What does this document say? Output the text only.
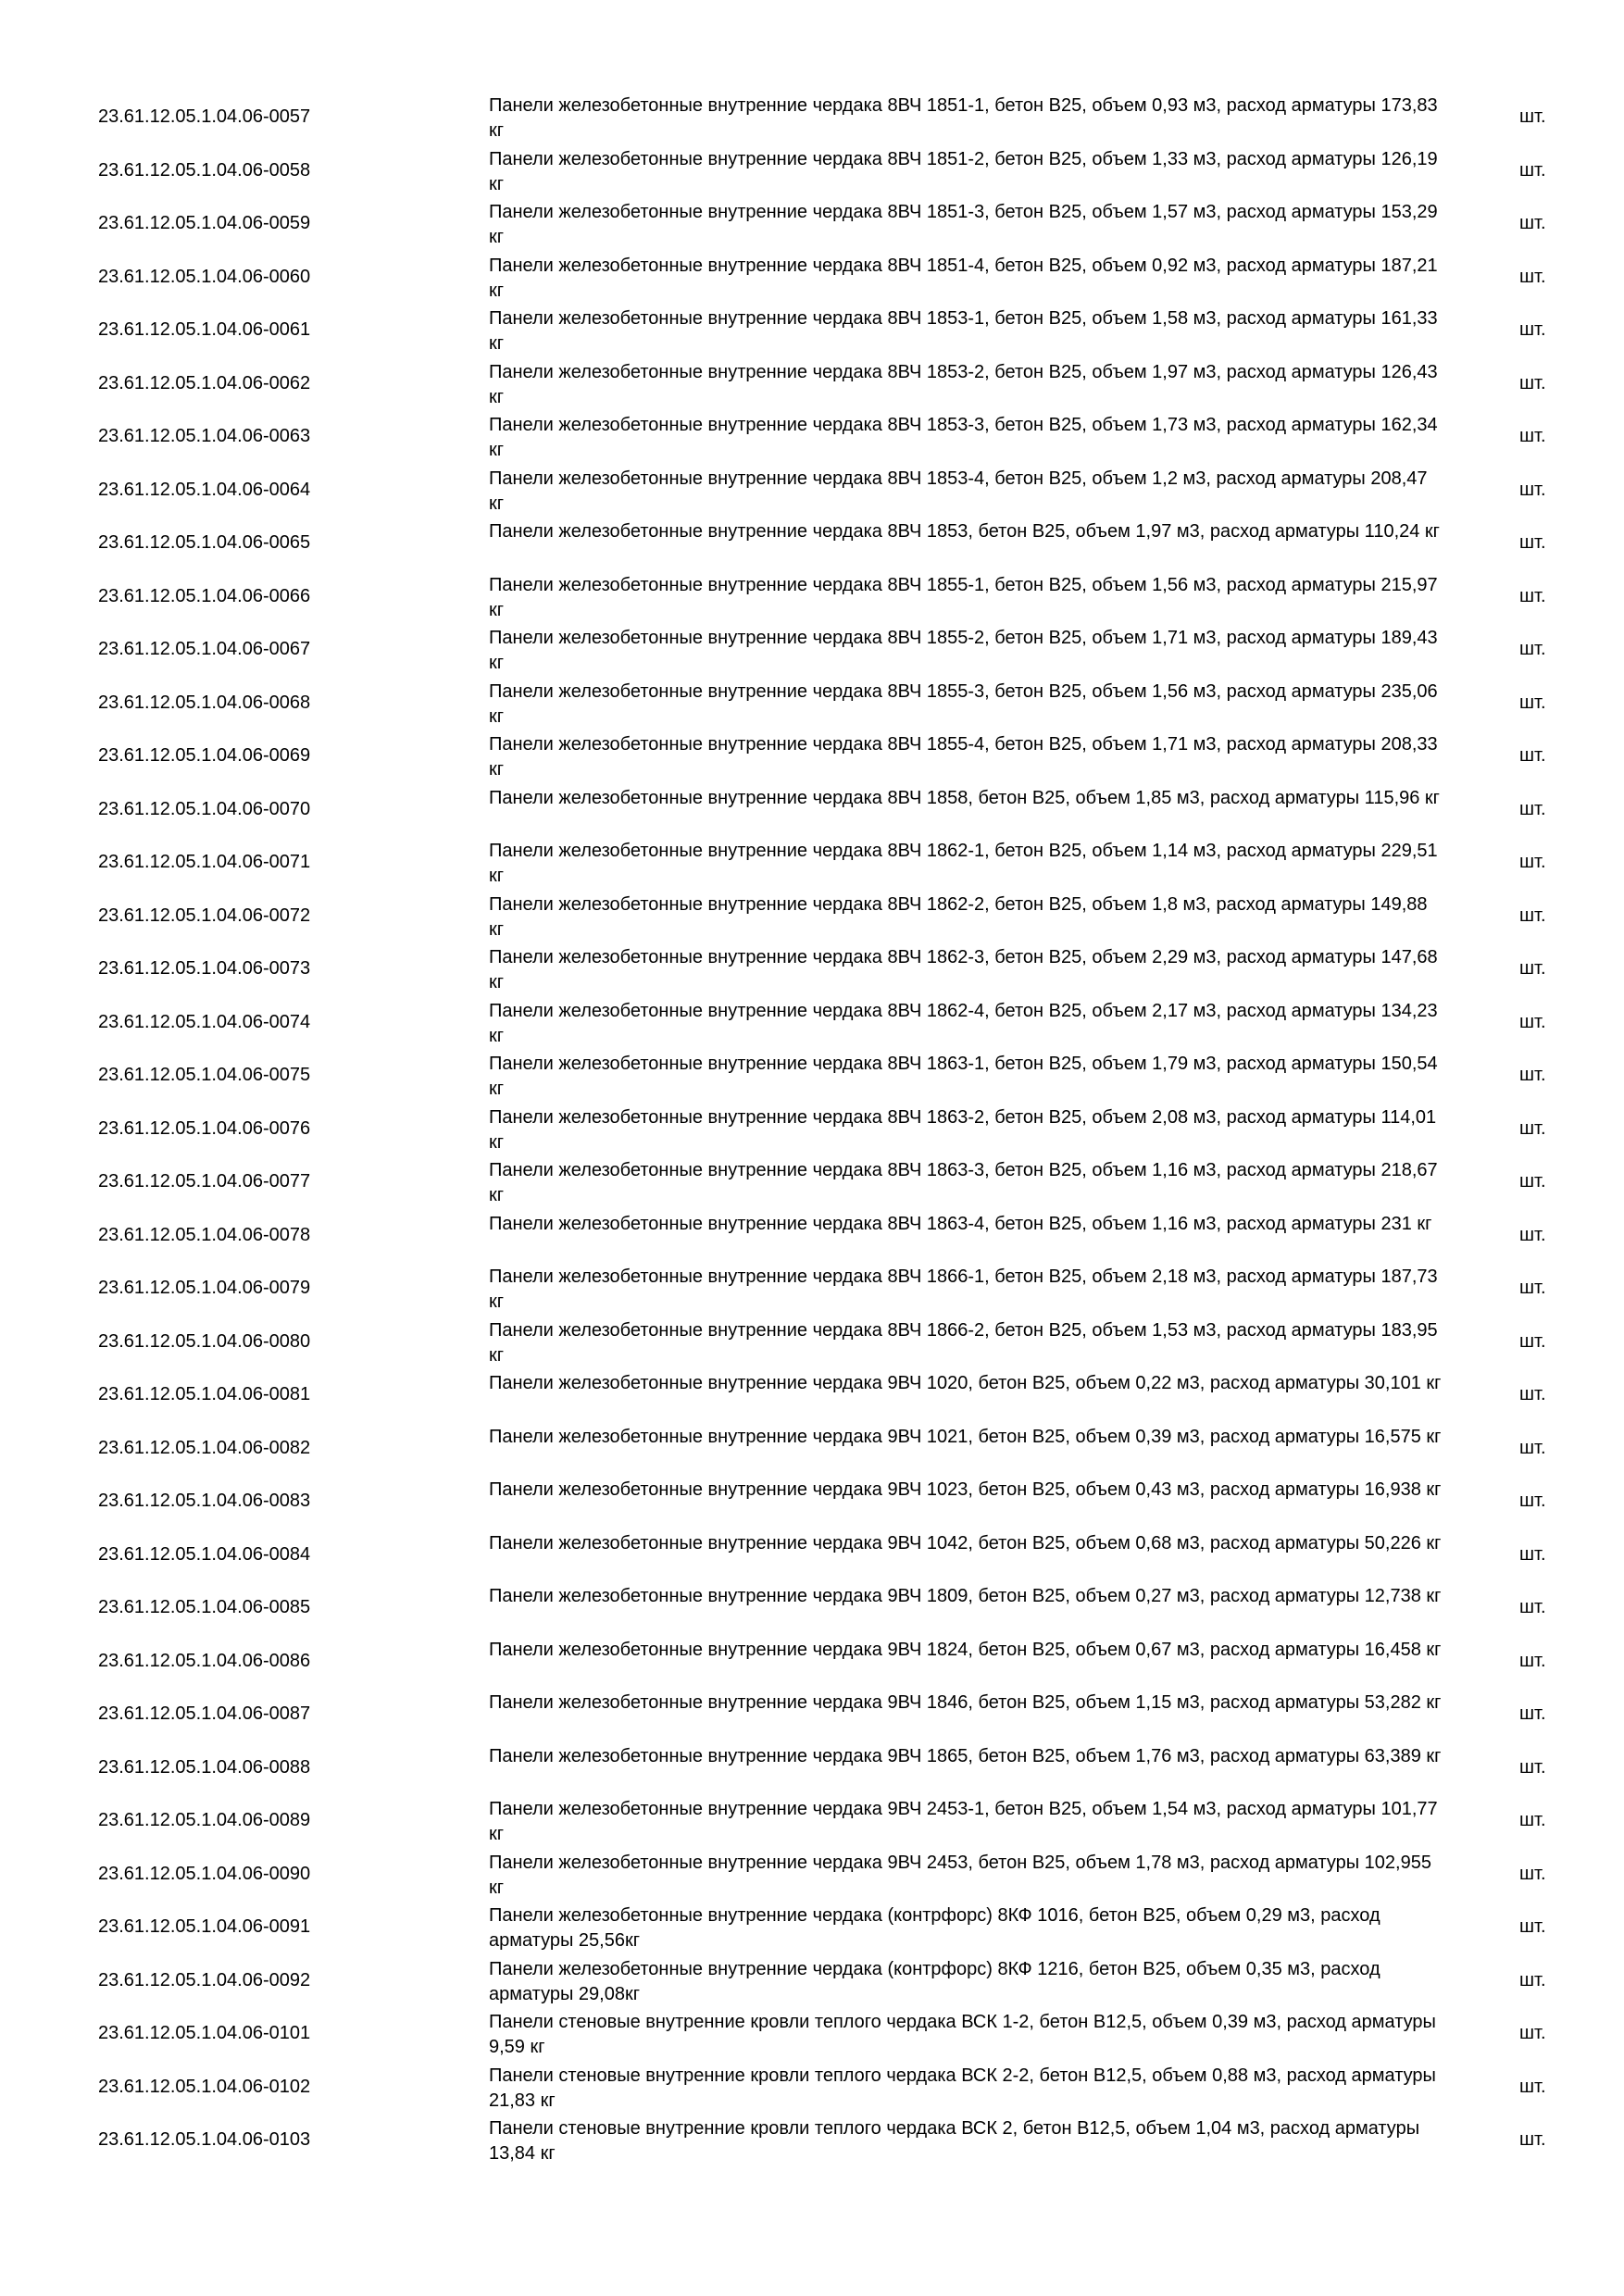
23.61.12.05.1.04.06-0057
Панели железобетонные внутренние чердака 8ВЧ 1851-1, бетон В25, объем 0,93 м3, расход арматуры 173,83 кг
шт.
23.61.12.05.1.04.06-0058
Панели железобетонные внутренние чердака 8ВЧ 1851-2, бетон В25, объем 1,33 м3, расход арматуры 126,19 кг
шт.
23.61.12.05.1.04.06-0059
Панели железобетонные внутренние чердака 8ВЧ 1851-3, бетон В25, объем 1,57 м3, расход арматуры 153,29 кг
шт.
23.61.12.05.1.04.06-0060
Панели железобетонные внутренние чердака 8ВЧ 1851-4, бетон В25, объем 0,92 м3, расход арматуры 187,21 кг
шт.
23.61.12.05.1.04.06-0061
Панели железобетонные внутренние чердака 8ВЧ 1853-1, бетон В25, объем 1,58 м3, расход арматуры 161,33 кг
шт.
23.61.12.05.1.04.06-0062
Панели железобетонные внутренние чердака 8ВЧ 1853-2, бетон В25, объем 1,97 м3, расход арматуры 126,43 кг
шт.
23.61.12.05.1.04.06-0063
Панели железобетонные внутренние чердака 8ВЧ 1853-3, бетон В25, объем 1,73 м3, расход арматуры 162,34 кг
шт.
23.61.12.05.1.04.06-0064
Панели железобетонные внутренние чердака 8ВЧ 1853-4, бетон В25, объем 1,2 м3, расход арматуры 208,47 кг
шт.
23.61.12.05.1.04.06-0065
Панели железобетонные внутренние чердака 8ВЧ 1853, бетон В25, объем 1,97 м3, расход арматуры 110,24 кг
шт.
23.61.12.05.1.04.06-0066
Панели железобетонные внутренние чердака 8ВЧ 1855-1, бетон В25, объем 1,56 м3, расход арматуры 215,97 кг
шт.
23.61.12.05.1.04.06-0067
Панели железобетонные внутренние чердака 8ВЧ 1855-2, бетон В25, объем 1,71 м3, расход арматуры 189,43 кг
шт.
23.61.12.05.1.04.06-0068
Панели железобетонные внутренние чердака 8ВЧ 1855-3, бетон В25, объем 1,56 м3, расход арматуры 235,06 кг
шт.
23.61.12.05.1.04.06-0069
Панели железобетонные внутренние чердака 8ВЧ 1855-4, бетон В25, объем 1,71 м3, расход арматуры 208,33 кг
шт.
23.61.12.05.1.04.06-0070
Панели железобетонные внутренние чердака 8ВЧ 1858, бетон В25, объем 1,85 м3, расход арматуры 115,96 кг
шт.
23.61.12.05.1.04.06-0071
Панели железобетонные внутренние чердака 8ВЧ 1862-1, бетон В25, объем 1,14 м3, расход арматуры 229,51 кг
шт.
23.61.12.05.1.04.06-0072
Панели железобетонные внутренние чердака 8ВЧ 1862-2, бетон В25, объем 1,8 м3, расход арматуры 149,88 кг
шт.
23.61.12.05.1.04.06-0073
Панели железобетонные внутренние чердака 8ВЧ 1862-3, бетон В25, объем 2,29 м3, расход арматуры 147,68 кг
шт.
23.61.12.05.1.04.06-0074
Панели железобетонные внутренние чердака 8ВЧ 1862-4, бетон В25, объем 2,17 м3, расход арматуры 134,23 кг
шт.
23.61.12.05.1.04.06-0075
Панели железобетонные внутренние чердака 8ВЧ 1863-1, бетон В25, объем 1,79 м3, расход арматуры 150,54 кг
шт.
23.61.12.05.1.04.06-0076
Панели железобетонные внутренние чердака 8ВЧ 1863-2, бетон В25, объем 2,08 м3, расход арматуры 114,01 кг
шт.
23.61.12.05.1.04.06-0077
Панели железобетонные внутренние чердака 8ВЧ 1863-3, бетон В25, объем 1,16 м3, расход арматуры 218,67 кг
шт.
23.61.12.05.1.04.06-0078
Панели железобетонные внутренние чердака 8ВЧ 1863-4, бетон В25, объем 1,16 м3, расход арматуры 231 кг
шт.
23.61.12.05.1.04.06-0079
Панели железобетонные внутренние чердака 8ВЧ 1866-1, бетон В25, объем 2,18 м3, расход арматуры 187,73 кг
шт.
23.61.12.05.1.04.06-0080
Панели железобетонные внутренние чердака 8ВЧ 1866-2, бетон В25, объем 1,53 м3, расход арматуры 183,95 кг
шт.
23.61.12.05.1.04.06-0081
Панели железобетонные внутренние чердака 9ВЧ 1020, бетон В25, объем 0,22 м3, расход арматуры 30,101 кг
шт.
23.61.12.05.1.04.06-0082
Панели железобетонные внутренние чердака 9ВЧ 1021, бетон В25, объем 0,39 м3, расход арматуры 16,575 кг
шт.
23.61.12.05.1.04.06-0083
Панели железобетонные внутренние чердака 9ВЧ 1023, бетон В25, объем 0,43 м3, расход арматуры 16,938 кг
шт.
23.61.12.05.1.04.06-0084
Панели железобетонные внутренние чердака 9ВЧ 1042, бетон В25, объем 0,68 м3, расход арматуры 50,226 кг
шт.
23.61.12.05.1.04.06-0085
Панели железобетонные внутренние чердака 9ВЧ 1809, бетон В25, объем 0,27 м3, расход арматуры 12,738 кг
шт.
23.61.12.05.1.04.06-0086
Панели железобетонные внутренние чердака 9ВЧ 1824, бетон В25, объем 0,67 м3, расход арматуры 16,458 кг
шт.
23.61.12.05.1.04.06-0087
Панели железобетонные внутренние чердака 9ВЧ 1846, бетон В25, объем 1,15 м3, расход арматуры 53,282 кг
шт.
23.61.12.05.1.04.06-0088
Панели железобетонные внутренние чердака 9ВЧ 1865, бетон В25, объем 1,76 м3, расход арматуры 63,389 кг
шт.
23.61.12.05.1.04.06-0089
Панели железобетонные внутренние чердака 9ВЧ 2453-1, бетон В25, объем 1,54 м3, расход арматуры 101,77 кг
шт.
23.61.12.05.1.04.06-0090
Панели железобетонные внутренние чердака 9ВЧ 2453, бетон В25, объем 1,78 м3, расход арматуры 102,955 кг
шт.
23.61.12.05.1.04.06-0091
Панели железобетонные внутренние чердака (контрфорс) 8КФ 1016, бетон В25, объем 0,29 м3, расход арматуры 25,56кг
шт.
23.61.12.05.1.04.06-0092
Панели железобетонные внутренние чердака (контрфорс) 8КФ 1216, бетон В25, объем 0,35 м3, расход арматуры 29,08кг
шт.
23.61.12.05.1.04.06-0101
Панели стеновые внутренние кровли теплого чердака ВСК 1-2, бетон В12,5, объем 0,39 м3, расход арматуры 9,59 кг
шт.
23.61.12.05.1.04.06-0102
Панели стеновые внутренние кровли теплого чердака ВСК 2-2, бетон В12,5, объем 0,88 м3, расход арматуры 21,83 кг
шт.
23.61.12.05.1.04.06-0103
Панели стеновые внутренние кровли теплого чердака ВСК 2, бетон В12,5, объем 1,04 м3, расход арматуры 13,84 кг
шт.
